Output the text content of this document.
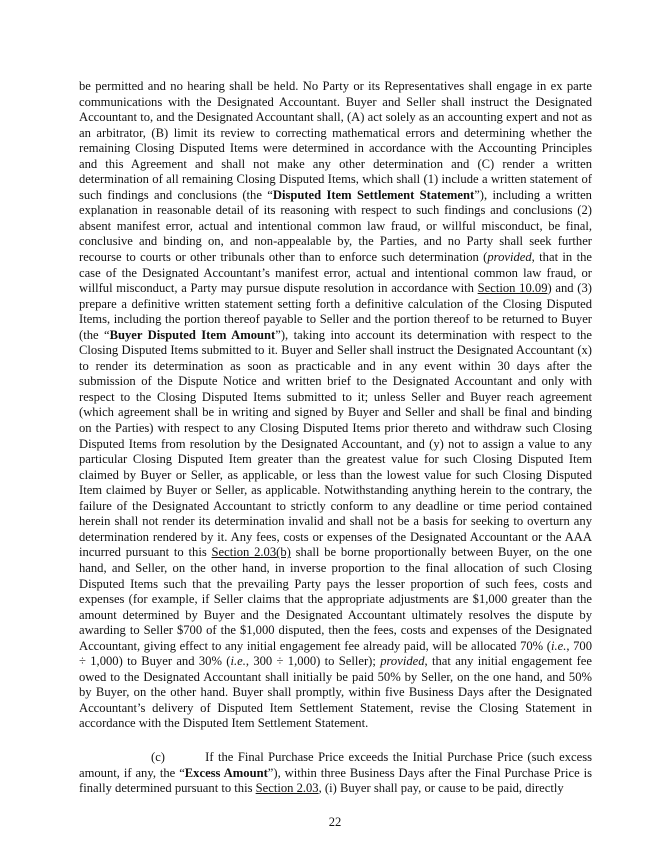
be permitted and no hearing shall be held. No Party or its Representatives shall engage in ex parte communications with the Designated Accountant. Buyer and Seller shall instruct the Designated Accountant to, and the Designated Accountant shall, (A) act solely as an accounting expert and not as an arbitrator, (B) limit its review to correcting mathematical errors and determining whether the remaining Closing Disputed Items were determined in accordance with the Accounting Principles and this Agreement and shall not make any other determination and (C) render a written determination of all remaining Closing Disputed Items, which shall (1) include a written statement of such findings and conclusions (the “Disputed Item Settlement Statement”), including a written explanation in reasonable detail of its reasoning with respect to such findings and conclusions (2) absent manifest error, actual and intentional common law fraud, or willful misconduct, be final, conclusive and binding on, and non-appealable by, the Parties, and no Party shall seek further recourse to courts or other tribunals other than to enforce such determination (provided, that in the case of the Designated Accountant’s manifest error, actual and intentional common law fraud, or willful misconduct, a Party may pursue dispute resolution in accordance with Section 10.09) and (3) prepare a definitive written statement setting forth a definitive calculation of the Closing Disputed Items, including the portion thereof payable to Seller and the portion thereof to be returned to Buyer (the “Buyer Disputed Item Amount”), taking into account its determination with respect to the Closing Disputed Items submitted to it. Buyer and Seller shall instruct the Designated Accountant (x) to render its determination as soon as practicable and in any event within 30 days after the submission of the Dispute Notice and written brief to the Designated Accountant and only with respect to the Closing Disputed Items submitted to it; unless Seller and Buyer reach agreement (which agreement shall be in writing and signed by Buyer and Seller and shall be final and binding on the Parties) with respect to any Closing Disputed Items prior thereto and withdraw such Closing Disputed Items from resolution by the Designated Accountant, and (y) not to assign a value to any particular Closing Disputed Item greater than the greatest value for such Closing Disputed Item claimed by Buyer or Seller, as applicable, or less than the lowest value for such Closing Disputed Item claimed by Buyer or Seller, as applicable. Notwithstanding anything herein to the contrary, the failure of the Designated Accountant to strictly conform to any deadline or time period contained herein shall not render its determination invalid and shall not be a basis for seeking to overturn any determination rendered by it. Any fees, costs or expenses of the Designated Accountant or the AAA incurred pursuant to this Section 2.03(b) shall be borne proportionally between Buyer, on the one hand, and Seller, on the other hand, in inverse proportion to the final allocation of such Closing Disputed Items such that the prevailing Party pays the lesser proportion of such fees, costs and expenses (for example, if Seller claims that the appropriate adjustments are $1,000 greater than the amount determined by Buyer and the Designated Accountant ultimately resolves the dispute by awarding to Seller $700 of the $1,000 disputed, then the fees, costs and expenses of the Designated Accountant, giving effect to any initial engagement fee already paid, will be allocated 70% (i.e., 700 ÷ 1,000) to Buyer and 30% (i.e., 300 ÷ 1,000) to Seller); provided, that any initial engagement fee owed to the Designated Accountant shall initially be paid 50% by Seller, on the one hand, and 50% by Buyer, on the other hand. Buyer shall promptly, within five Business Days after the Designated Accountant’s delivery of Disputed Item Settlement Statement, revise the Closing Statement in accordance with the Disputed Item Settlement Statement.

(c)	If the Final Purchase Price exceeds the Initial Purchase Price (such excess amount, if any, the “Excess Amount”), within three Business Days after the Final Purchase Price is finally determined pursuant to this Section 2.03, (i) Buyer shall pay, or cause to be paid, directly

22
